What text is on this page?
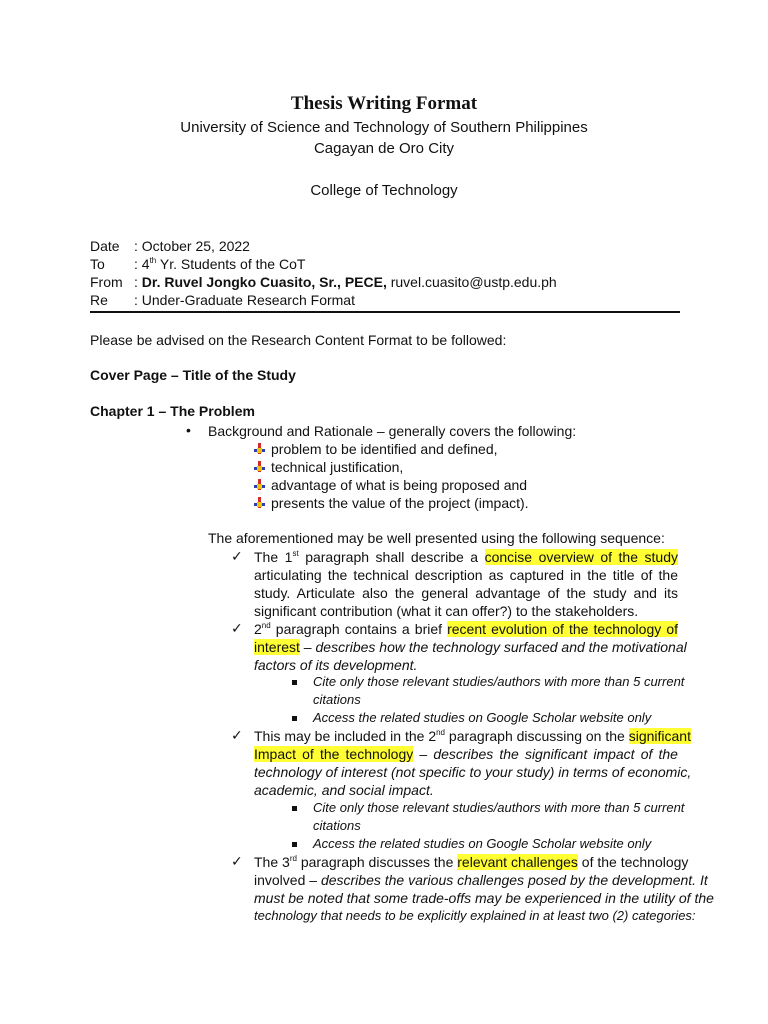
Thesis Writing Format
University of Science and Technology of Southern Philippines
Cagayan de Oro City
College of Technology
Date : October 25, 2022
To : 4th Yr. Students of the CoT
From : Dr. Ruvel Jongko Cuasito, Sr., PECE, ruvel.cuasito@ustp.edu.ph
Re : Under-Graduate Research Format
Please be advised on the Research Content Format to be followed:
Cover Page – Title of the Study
Chapter 1 – The Problem
• Background and Rationale – generally covers the following:
problem to be identified and defined,
technical justification,
advantage of what is being proposed and
presents the value of the project (impact).
The aforementioned may be well presented using the following sequence:
✓ The 1st paragraph shall describe a concise overview of the study
articulating the technical description as captured in the title of the
study. Articulate also the general advantage of the study and its
significant contribution (what it can offer?) to the stakeholders.
✓ 2nd paragraph contains a brief recent evolution of the technology of
interest – describes how the technology surfaced and the motivational
factors of its development.
Cite only those relevant studies/authors with more than 5 current
citations
Access the related studies on Google Scholar website only
✓ This may be included in the 2nd paragraph discussing on the significant
Impact of the technology – describes the significant impact of the
technology of interest (not specific to your study) in terms of economic,
academic, and social impact.
Cite only those relevant studies/authors with more than 5 current
citations
Access the related studies on Google Scholar website only
✓ The 3rd paragraph discusses the relevant challenges of the technology
involved – describes the various challenges posed by the development. It
must be noted that some trade-offs may be experienced in the utility of the
technology that needs to be explicitly explained in at least two (2) categories:
